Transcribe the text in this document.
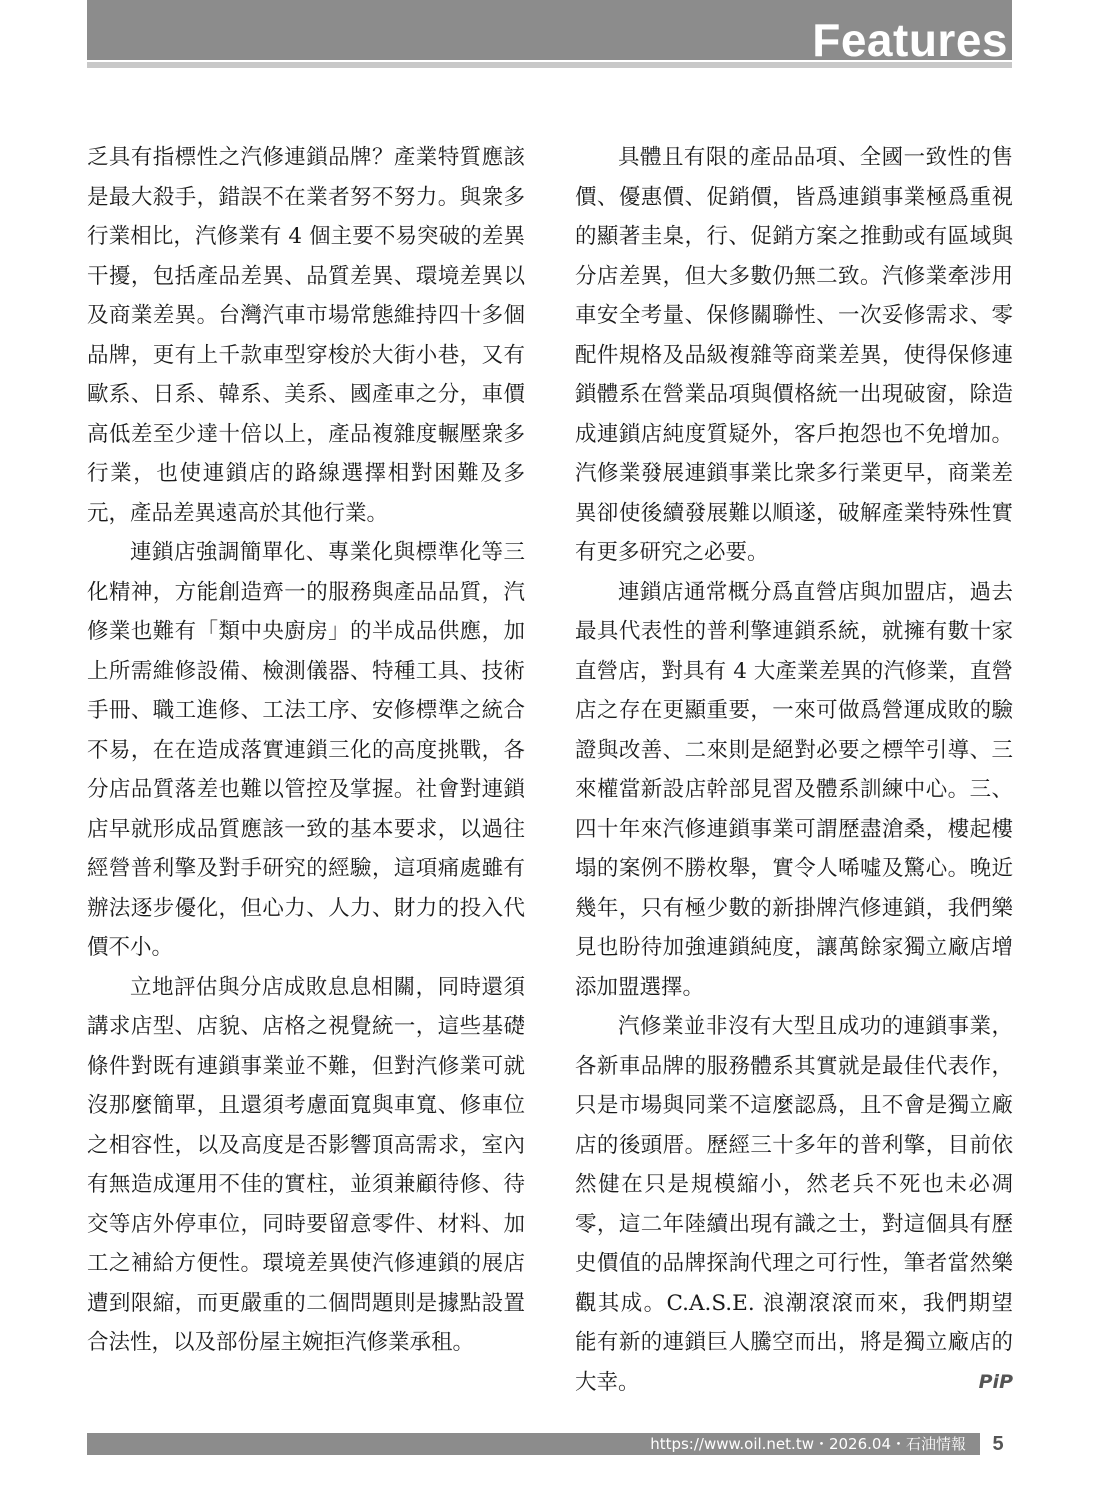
Features

乏具有指標性之汽修連鎖品牌？產業特質應該是最大殺手，錯誤不在業者努不努力。與衆多行業相比，汽修業有 4 個主要不易突破的差異干擾，包括產品差異、品質差異、環境差異以及商業差異。台灣汽車市場常態維持四十多個品牌，更有上千款車型穿梭於大街小巷，又有歐系、日系、韓系、美系、國產車之分，車價高低差至少達十倍以上，產品複雜度輾壓衆多行業，也使連鎖店的路線選擇相對困難及多元，產品差異遠高於其他行業。

連鎖店強調簡單化、專業化與標準化等三化精神，方能創造齊一的服務與產品品質，汽修業也難有「類中央廚房」的半成品供應，加上所需維修設備、檢測儀器、特種工具、技術手冊、職工進修、工法工序、安修標準之統合不易，在在造成落實連鎖三化的高度挑戰，各分店品質落差也難以管控及掌握。社會對連鎖店早就形成品質應該一致的基本要求，以過往經營普利擎及對手研究的經驗，這項痛處雖有辦法逐步優化，但心力、人力、財力的投入代價不小。

立地評估與分店成敗息息相關，同時還須講求店型、店貌、店格之視覺統一，這些基礎條件對既有連鎖事業並不難，但對汽修業可就沒那麼簡單，且還須考慮面寬與車寬、修車位之相容性，以及高度是否影響頂高需求，室內有無造成運用不佳的實柱，並須兼顧待修、待交等店外停車位，同時要留意零件、材料、加工之補給方便性。環境差異使汽修連鎖的展店遭到限縮，而更嚴重的二個問題則是據點設置合法性，以及部份屋主婉拒汽修業承租。

具體且有限的產品品項、全國一致性的售價、優惠價、促銷價，皆爲連鎖事業極爲重視的顯著圭臬，行、促銷方案之推動或有區域與分店差異，但大多數仍無二致。汽修業牽涉用車安全考量、保修關聯性、一次妥修需求、零配件規格及品級複雜等商業差異，使得保修連鎖體系在營業品項與價格統一出現破窗，除造成連鎖店純度質疑外，客戶抱怨也不免增加。汽修業發展連鎖事業比衆多行業更早，商業差異卻使後續發展難以順遂，破解產業特殊性實有更多研究之必要。

連鎖店通常概分爲直營店與加盟店，過去最具代表性的普利擎連鎖系統，就擁有數十家直營店，對具有 4 大產業差異的汽修業，直營店之存在更顯重要，一來可做爲營運成敗的驗證與改善、二來則是絕對必要之標竿引導、三來權當新設店幹部見習及體系訓練中心。三、四十年來汽修連鎖事業可謂歷盡滄桑，樓起樓塌的案例不勝枚舉，實令人唏噓及驚心。晚近幾年，只有極少數的新掛牌汽修連鎖，我們樂見也盼待加強連鎖純度，讓萬餘家獨立廠店增添加盟選擇。

汽修業並非沒有大型且成功的連鎖事業，各新車品牌的服務體系其實就是最佳代表作，只是市場與同業不這麼認爲，且不會是獨立廠店的後頭厝。歷經三十多年的普利擎，目前依然健在只是規模縮小，然老兵不死也未必凋零，這二年陸續出現有識之士，對這個具有歷史價值的品牌探詢代理之可行性，筆者當然樂觀其成。C.A.S.E. 浪潮滾滾而來，我們期望能有新的連鎖巨人騰空而出，將是獨立廠店的大幸。	PiP

https://www.oil.net.tw・2026.04・石油情報	5
